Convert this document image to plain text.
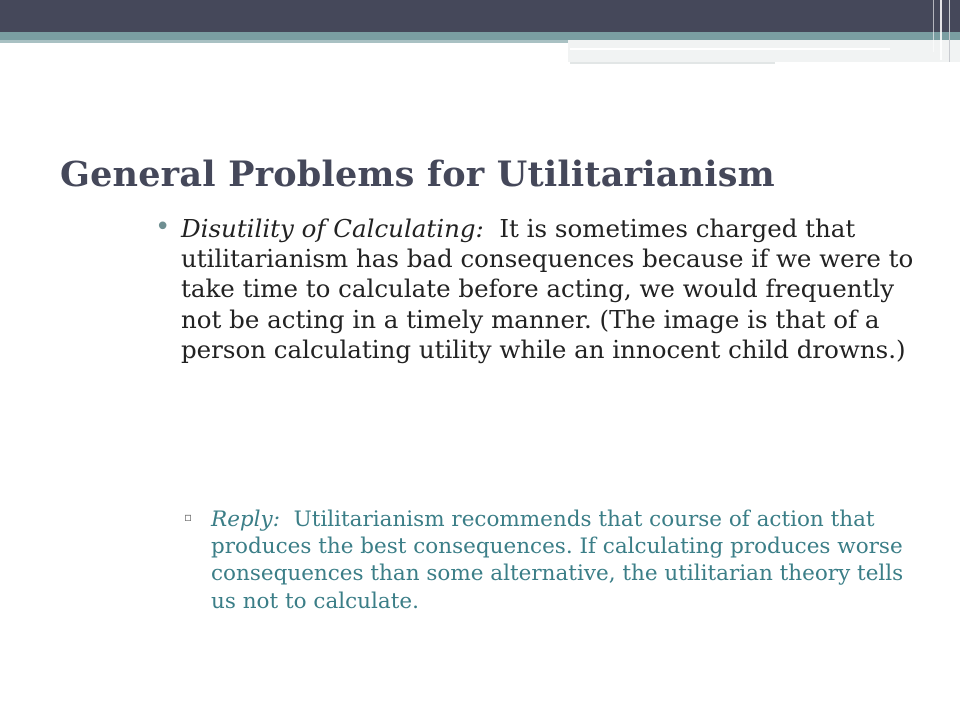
General Problems for Utilitarianism
• Disutility of Calculating: It is sometimes charged that utilitarianism has bad consequences because if we were to take time to calculate before acting, we would frequently not be acting in a timely manner. (The image is that of a person calculating utility while an innocent child drowns.)

▫ Reply: Utilitarianism recommends that course of action that produces the best consequences. If calculating produces worse consequences than some alternative, the utilitarian theory tells us not to calculate.
